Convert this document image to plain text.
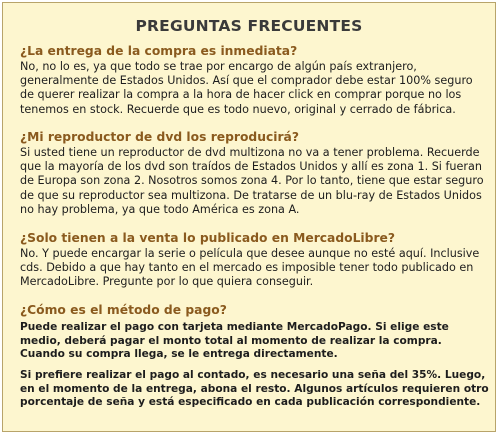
PREGUNTAS FRECUENTES
¿La entrega de la compra es inmediata?
No, no lo es, ya que todo se trae por encargo de algún país extranjero, generalmente de Estados Unidos. Así que el comprador debe estar 100% seguro de querer realizar la compra a la hora de hacer click en comprar porque no los tenemos en stock. Recuerde que es todo nuevo, original y cerrado de fábrica.
¿Mi reproductor de dvd los reproducirá?
Si usted tiene un reproductor de dvd multizona no va a tener problema. Recuerde que la mayoría de los dvd son traídos de Estados Unidos y allí es zona 1. Si fueran de Europa son zona 2. Nosotros somos zona 4. Por lo tanto, tiene que estar seguro de que su reproductor sea multizona. De tratarse de un blu-ray de Estados Unidos no hay problema, ya que todo América es zona A.
¿Solo tienen a la venta lo publicado en MercadoLibre?
No. Y puede encargar la serie o película que desee aunque no esté aquí. Inclusive cds. Debido a que hay tanto en el mercado es imposible tener todo publicado en MercadoLibre. Pregunte por lo que quiera conseguir.
¿Cómo es el método de pago?
Puede realizar el pago con tarjeta mediante MercadoPago. Si elige este medio, deberá pagar el monto total al momento de realizar la compra. Cuando su compra llega, se le entrega directamente.
Si prefiere realizar el pago al contado, es necesario una seña del 35%. Luego, en el momento de la entrega, abona el resto. Algunos artículos requieren otro porcentaje de seña y está especificado en cada publicación correspondiente.
